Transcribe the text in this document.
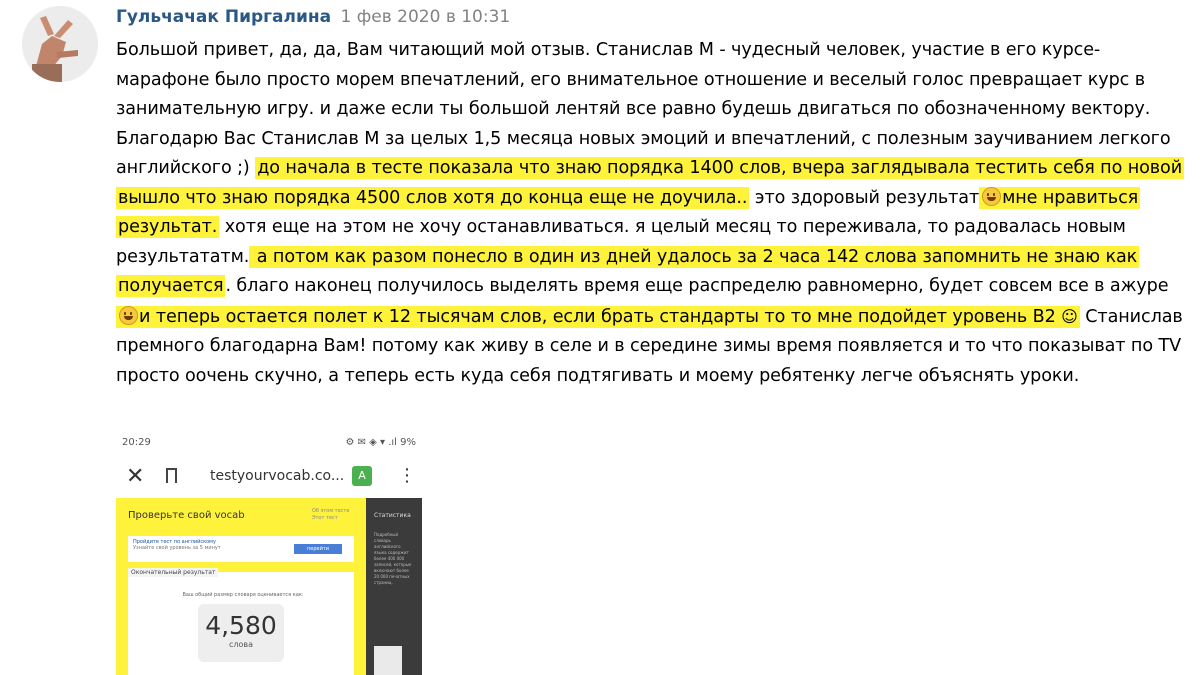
Гульчачак Пиргалина 1 фев 2020 в 10:31
Большой привет, да, да, Вам читающий мой отзыв. Станислав М - чудесный человек, участие в его курсе-марафоне было просто морем впечатлений, его внимательное отношение и веселый голос превращает курс в занимательную игру. и даже если ты большой лентяй все равно будешь двигаться по обозначенному вектору. Благодарю Вас Станислав М за целых 1,5 месяца новых эмоций и впечатлений, с полезным заучиванием легкого английского ;) до начала в тесте показала что знаю порядка 1400 слов, вчера заглядывала тестить себя по новой вышло что знаю порядка 4500 слов хотя до конца еще не доучила.. это здоровый результат мне нравиться результат. хотя еще на этом не хочу останавливаться. я целый месяц то переживала, то радовалась новым результататм. а потом как разом понесло в один из дней удалось за 2 часа 142 слова запомнить не знаю как получается . благо наконец получилось выделять время еще распределю равномерно, будет совсем все в ажуре и теперь остается полет к 12 тысячам слов, если брать стандарты то то мне подойдет уровень B2 ☺ Станислав премного благодарна Вам! потому как живу в селе и в середине зимы время появляется и то что показыват по TV просто оочень скучно, а теперь есть куда себя подтягивать и моему ребятенку легче объяснять уроки.
20:29	⚙ ✉ ◈ ▾ .ıl 9%
✕	testyourvocab.co...	A	⋮
Проверьте свой vocab	Об этом тесте Этот тест
Пройдите тест по английскому
Узнайте свой уровень за 5 минут	перейти
Окончательный результат
Ваш общий размер словаря оценивается как:
4,580
слова
Статистика
Подробный словарь английского языка содержит более 400 000 записей, которые включают более 20 000 печатных страниц.
